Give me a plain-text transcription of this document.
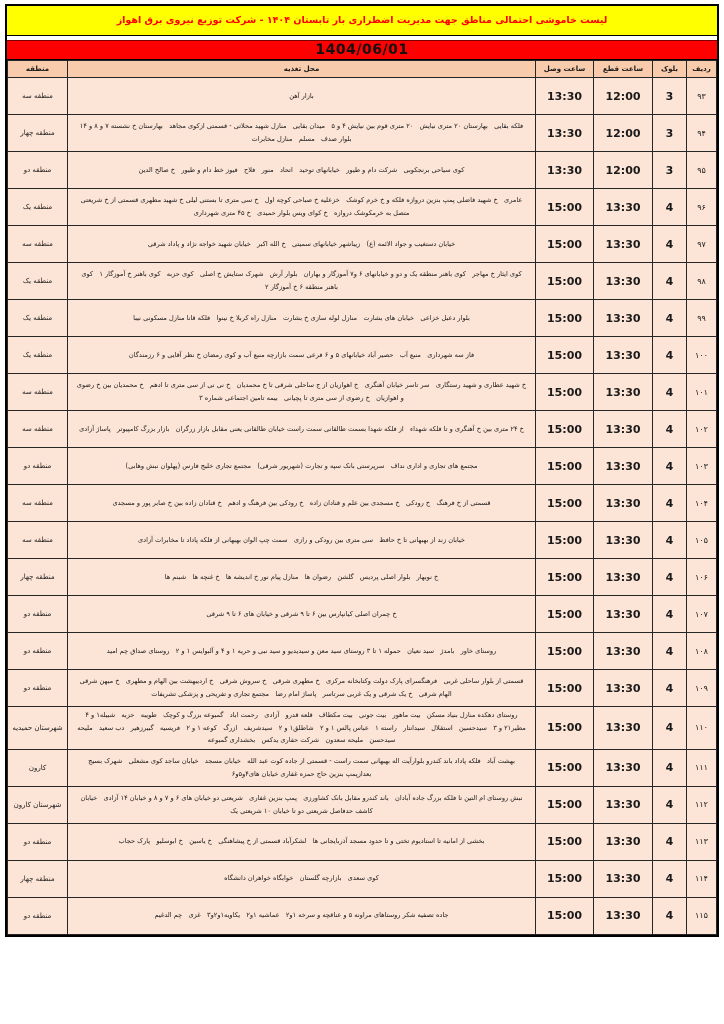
لیست خاموشی احتمالی مناطق جهت مدیریت اضطراری بار تابستان ۱۴۰۴ - شرکت توزیع نیروی برق اهواز
1404/06/01
ردیف	بلوک	ساعت قطع	ساعت وصل	محل تغذیه	منطقه
۹۳	3	12:00	13:30	بازار آهن	منطقه سه
۹۴	3	12:00	13:30	فلکه بقایی   بهارستان ۲۰ متری نیایش   ۲۰ متری قوم بین نیایش ۴ و ۵   میدان بقایی   منازل شهید محلاتی - قسمتی ازکوی مجاهد   بهارستان خ نشسته ۷ و ۸ و ۱۴   بلوار صدف   مسلم   منازل مخابرات	منطقه چهار
۹۵	3	12:00	13:30	کوی سیاحی برنجکوبی   شرکت دام و طیور   خیابانهای توحید   اتحاد   منور   فلاح   فیوز خط دام و طیور   خ صالح الدین	منطقه دو
۹۶	4	13:30	15:00	عامری   خ شهید فاضلی پمپ بنزین دروازه فلکه و خ خرم کوشک   خزعلیه خ صباحی کوچه اول   خ سی متری تا بستنی لیلی خ شهید مطهری قسمتی از خ شریعتی متصل به خرمکوشک دروازه   خ کوای ویس بلوار حمیدی   خ ۴۵ متری شهرداری	منطقه یک
۹۷	4	13:30	15:00	خیابان دستغیب و جواد الائمه (ع)   زیباشهر خیابانهای سمیتی   خ الله اکبر   خیابان شهید خواجه نژاد و پاداد شرقی	منطقه سه
۹۸	4	13:30	15:00	کوی ایثار خ مهاجر   کوی باهنر منطقه یک و دو و خیابانهای ۶ و۷ آموزگار و بهاران   بلوار آرش   شهرک ستایش خ اصلی   کوی حزبه   کوی باهنر خ آموزگار ۱   کوی باهنر منطقه ۶ خ آموزگار ۲	منطقه یک
۹۹	4	13:30	15:00	بلوار دعبل خزاعی   خیابان های بشارت   منازل لوله سازی خ بشارت   منازل راه کربلا خ نینوا   فلکه قانا منازل مسکونی نیبا	منطقه یک
۱۰۰	4	13:30	15:00	فاز سه شهرداری   منبع آب   حصیر آباد خیابانهای ۵ و ۶ فرعی سمت بازارچه منبع آب و کوی رمضان خ نظر آقایی و ۶ رزمندگان	منطقه یک
۱۰۱	4	13:30	15:00	خ شهید عطاری و شهید رستگاری   سر تاسر خیابان آهنگری   خ اهوازیان از ج ساحلی شرقی تا خ محمدیان   خ نی نی از سی متری تا ادهم   خ محمدیان بین خ رضوی و اهوازیان   خ رضوی از سی متری تا پچیانی   بیمه تامین اجتماعی شماره ۳	منطقه سه
۱۰۲	4	13:30	15:00	خ ۲۴ متری بین خ آهنگری و تا فلکه شهداء   از فلکه شهدا بسمت طالقانی سمت راست خیابان طالقانی یعنی مقابل بازار زرگران   بازار بزرگ کامپیوتر   پاساژ آزادی	منطقه سه
۱۰۳	4	13:30	15:00	مجتمع های تجاری و اداری نداف   سرپرستی بانک سپه و تجارت (شهریور شرقی)   مجتمع تجاری خلیج فارس (پهلوان نبش وهابی)	منطقه دو
۱۰۴	4	13:30	15:00	قسمتی از خ فرهنگ   خ رودکی   خ مسجدی بین علم و قنادان زاده   خ رودکی بین فرهنگ و ادهم   خ قنادان زاده بین خ صابر پور و مسجدی	منطقه سه
۱۰۵	4	13:30	15:00	خیابان زند از بهبهانی تا خ حافظ   سی متری بین رودکی و رازی   سمت چپ الوان بهبهانی از فلکه پاداد تا مخابرات آزادی	منطقه سه
۱۰۶	4	13:30	15:00	خ نوبهار   بلوار اصلی پردیس   گلشن   رضوان ها   منازل پیام نور خ اندیشه ها   خ غنچه ها   شبنم ها	منطقه چهار
۱۰۷	4	13:30	15:00	خ چمران اصلی کیانپارس بین ۶ تا ۹ شرقی و خیابان های ۶ تا ۹ شرقی	منطقه دو
۱۰۸	4	13:30	15:00	روستای خاور   بامدژ   سید نعیان   حموله ۱ تا ۳ روستای سید معن و سیدیدیو و سید نبی و حریه ۱ و ۴ و آلبوایس ۱ و ۲   روستای صداق چم امید	منطقه دو
۱۰۹	4	13:30	15:00	قسمتی از بلوار ساحلی غربی   فرهنگسرای پارک دولت وکتابخانه مرکزی   خ مطهری شرقی   خ سروش شرقی   خ اردیبهشت بین الهام و مطهری   خ میهن شرقی   الهام شرقی   خ یک شرقی و یک غربی سرتاسر   پاساژ امام رضا   مجتمع تجاری و تفریحی و پزشکی تشریفات	منطقه دو
۱۱۰	4	13:30	15:00	روستای دهکده منازل بنیاد مسکن   بیت ماهور   بیت جونی   بیت مکطاف   قلعه قدرو   آزادی   رحمت اباد   گمبوعه بزرگ و کوچک   طویبه   حزبه   شبیله۱ و ۴   مطیر۲۱ و ۳   سیدحسین   استقلال   سیدانتار   راسته ۱   عباس پالس ۱ و ۲   شاطلق۱ و ۲   سیدشریف   ازرگ   کوعه ۱ و ۲   فریسیه   گبیرزهیر   دب سعید   ملیحه سیدحسن   ملیحه سعدون   شرکت حفاری یدکس   بخشداری گمبوعه	شهرستان حمیدیه
۱۱۱	4	13:30	15:00	بهشت آباد   فلکه پاداد باند کندرو بلوارآیت اله بهبهانی سمت راست - قسمتی از جاده کوت عبد الله   خیابان مسجد   خیابان ساجد کوی مشعلی   شهرک بسیج بعدازپمپ بنزین حاج حمزه غفاری خیابان های۴و۵و۶	کارون
۱۱۲	4	13:30	15:00	نبش روستای ام التین تا فلکه بزرگ جاده آبادان   باند کندرو مقابل بانک کشاورزی   پمپ بنزین غفاری   شریعتی دو خیابان های ۶ و ۷ و ۸ و خیابان ۱۴ آزادی   خیابان کاشف حدفاصل شریعتی دو تا خیابان ۱۰ شریعتی یک	شهرستان کارون
۱۱۳	4	13:30	15:00	بخشی از امانیه تا استادیوم تختی و تا حدود مسجد آذربایجانی ها   لشکرآباد قسمتی از خ پیشاهنگی   خ یاسین   خ ابوسلیو   پارک حجاب	منطقه دو
۱۱۴	4	13:30	15:00	کوی سعدی   بازارچه گلستان   خوابگاه خواهران دانشگاه	منطقه چهار
۱۱۵	4	13:30	15:00	جاده تصفیه شکر روستاهای مراونه ۵ و عناقچه و سرخه ۱و۲   عماشیه ۱و۲   یکاویه۱و۲و۳   غزی   چم الدغیم	منطقه دو
